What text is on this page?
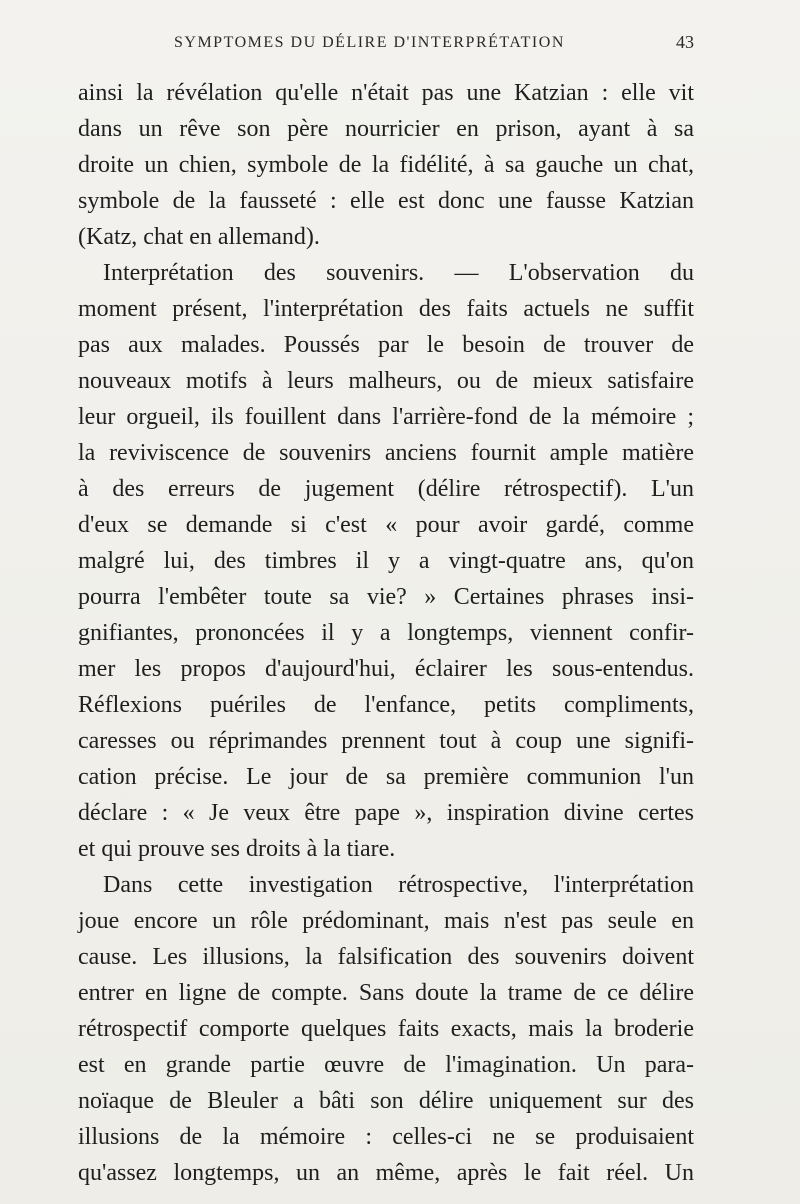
SYMPTOMES DU DÉLIRE D'INTERPRÉTATION	43
ainsi la révélation qu'elle n'était pas une Katzian : elle vit
dans un rêve son père nourricier en prison, ayant à sa
droite un chien, symbole de la fidélité, à sa gauche un chat,
symbole de la fausseté : elle est donc une fausse Katzian
(Katz, chat en allemand).
Interprétation des souvenirs. — L'observation du
moment présent, l'interprétation des faits actuels ne suffit
pas aux malades. Poussés par le besoin de trouver de
nouveaux motifs à leurs malheurs, ou de mieux satisfaire
leur orgueil, ils fouillent dans l'arrière-fond de la mémoire ;
la reviviscence de souvenirs anciens fournit ample matière
à des erreurs de jugement (délire rétrospectif). L'un
d'eux se demande si c'est « pour avoir gardé, comme
malgré lui, des timbres il y a vingt-quatre ans, qu'on
pourra l'embêter toute sa vie? » Certaines phrases insi-
gnifiantes, prononcées il y a longtemps, viennent confir-
mer les propos d'aujourd'hui, éclairer les sous-entendus.
Réflexions puériles de l'enfance, petits compliments,
caresses ou réprimandes prennent tout à coup une signifi-
cation précise. Le jour de sa première communion l'un
déclare : « Je veux être pape », inspiration divine certes
et qui prouve ses droits à la tiare.
Dans cette investigation rétrospective, l'interprétation
joue encore un rôle prédominant, mais n'est pas seule en
cause. Les illusions, la falsification des souvenirs doivent
entrer en ligne de compte. Sans doute la trame de ce délire
rétrospectif comporte quelques faits exacts, mais la broderie
est en grande partie œuvre de l'imagination. Un para-
noïaque de Bleuler a bâti son délire uniquement sur des
illusions de la mémoire : celles-ci ne se produisaient
qu'assez longtemps, un an même, après le fait réel. Un
